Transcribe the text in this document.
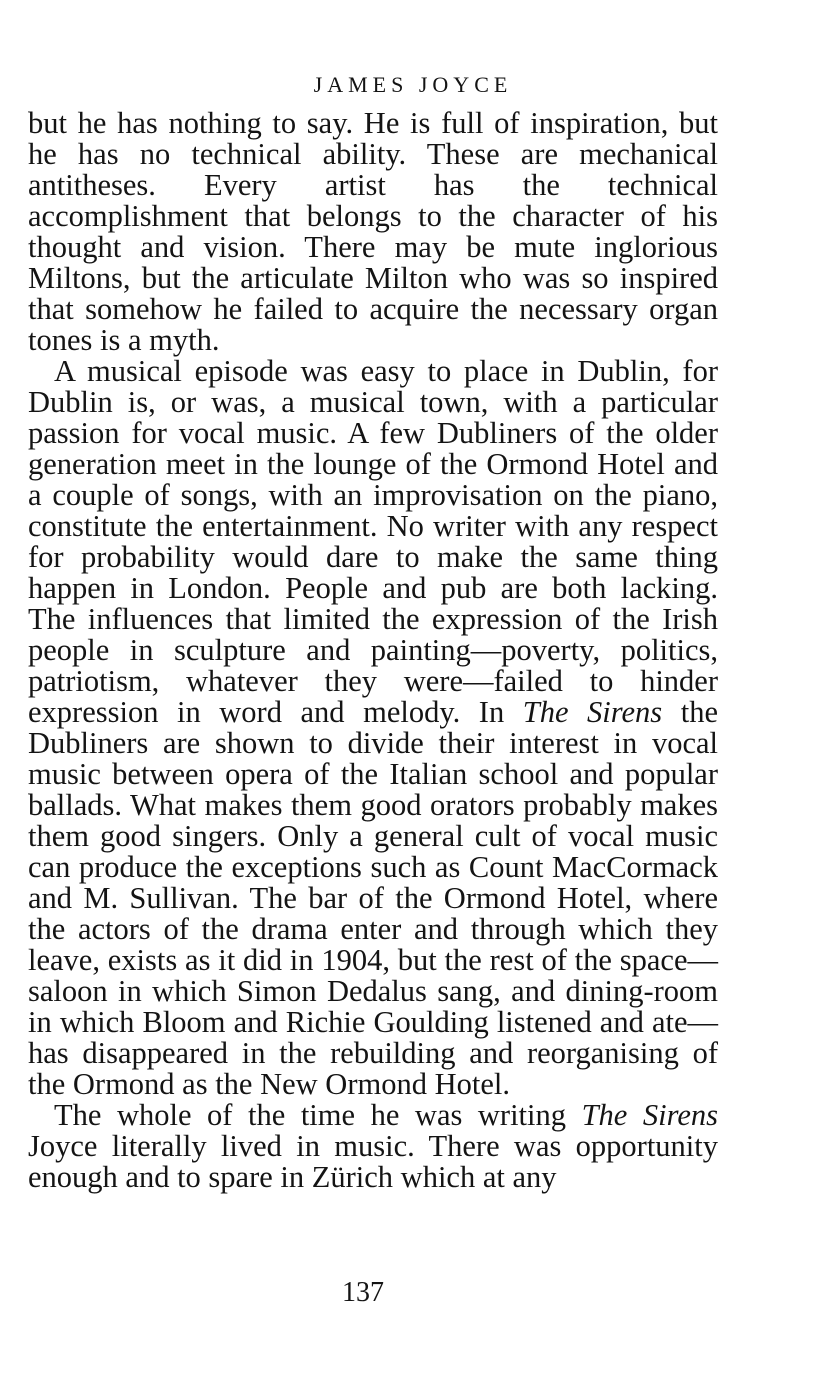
JAMES JOYCE

but he has nothing to say. He is full of inspiration, but he has no technical ability. These are mechanical antitheses. Every artist has the technical accomplishment that belongs to the character of his thought and vision. There may be mute inglorious Miltons, but the articulate Milton who was so inspired that somehow he failed to acquire the necessary organ tones is a myth.

A musical episode was easy to place in Dublin, for Dublin is, or was, a musical town, with a particular passion for vocal music. A few Dubliners of the older generation meet in the lounge of the Ormond Hotel and a couple of songs, with an improvisation on the piano, constitute the entertainment. No writer with any respect for probability would dare to make the same thing happen in London. People and pub are both lacking. The influences that limited the expression of the Irish people in sculpture and painting—poverty, politics, patriotism, whatever they were—failed to hinder expression in word and melody. In The Sirens the Dubliners are shown to divide their interest in vocal music between opera of the Italian school and popular ballads. What makes them good orators probably makes them good singers. Only a general cult of vocal music can produce the exceptions such as Count MacCormack and M. Sullivan. The bar of the Ormond Hotel, where the actors of the drama enter and through which they leave, exists as it did in 1904, but the rest of the space—saloon in which Simon Dedalus sang, and dining-room in which Bloom and Richie Goulding listened and ate—has disappeared in the rebuilding and reorganising of the Ormond as the New Ormond Hotel.

The whole of the time he was writing The Sirens Joyce literally lived in music. There was opportunity enough and to spare in Zürich which at any

137
